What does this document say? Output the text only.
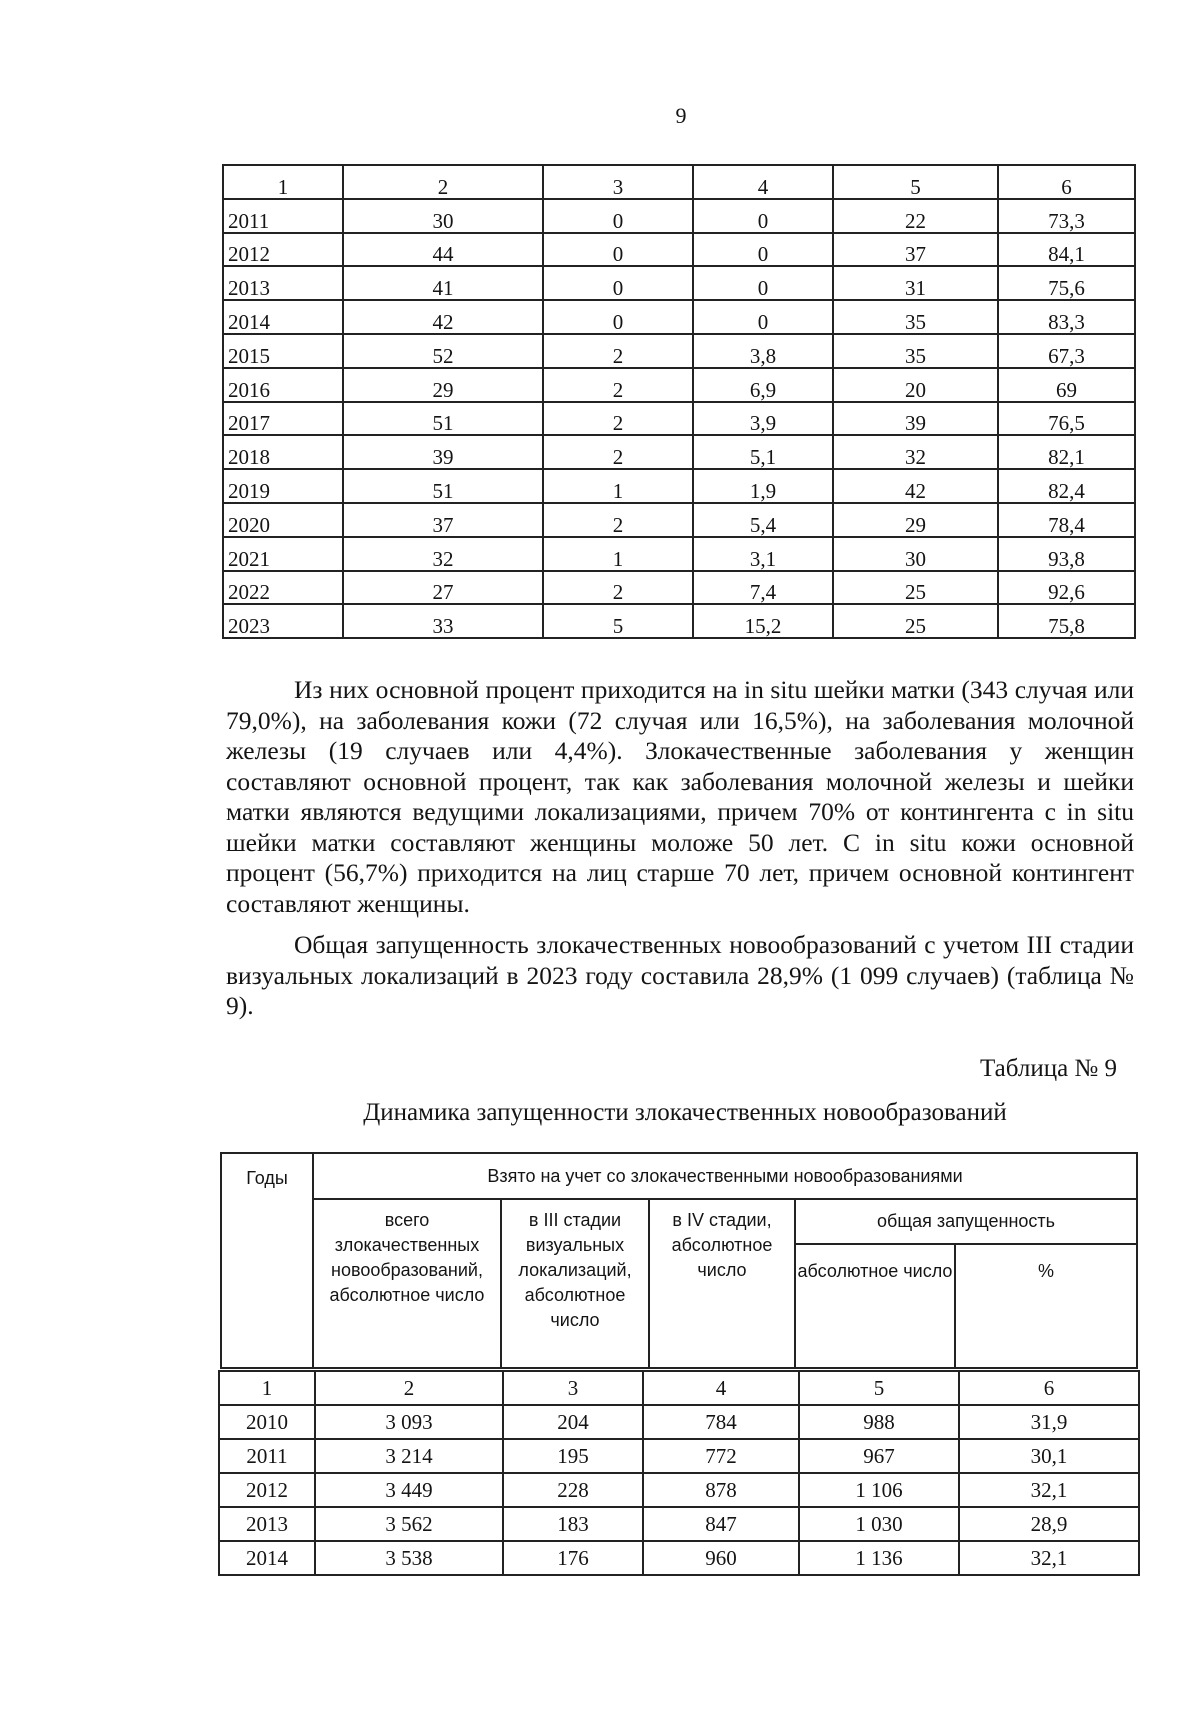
9
1	2	3	4	5	6
2011	30	0	0	22	73,3
2012	44	0	0	37	84,1
2013	41	0	0	31	75,6
2014	42	0	0	35	83,3
2015	52	2	3,8	35	67,3
2016	29	2	6,9	20	69
2017	51	2	3,9	39	76,5
2018	39	2	5,1	32	82,1
2019	51	1	1,9	42	82,4
2020	37	2	5,4	29	78,4
2021	32	1	3,1	30	93,8
2022	27	2	7,4	25	92,6
2023	33	5	15,2	25	75,8

Из них основной процент приходится на in situ шейки матки (343 случая или 79,0%), на заболевания кожи (72 случая или 16,5%), на заболевания молочной железы (19 случаев или 4,4%). Злокачественные заболевания у женщин составляют основной процент, так как заболевания молочной железы и шейки матки являются ведущими локализациями, причем 70% от контингента с in situ шейки матки составляют женщины моложе 50 лет. С in situ кожи основной процент (56,7%) приходится на лиц старше 70 лет, причем основной контингент составляют женщины.

Общая запущенность злокачественных новообразований с учетом III стадии визуальных локализаций в 2023 году составила 28,9% (1 099 случаев) (таблица № 9).

Таблица № 9
Динамика запущенности злокачественных новообразований
Годы	Взято на учет со злокачественными новообразованиями				
	всего злокачественных новообразований, абсолютное число	в III стадии визуальных локализаций, абсолютное число	в IV стадии, абсолютное число	общая запущенность	
				абсолютное число	%
1	2	3	4	5	6
2010	3 093	204	784	988	31,9
2011	3 214	195	772	967	30,1
2012	3 449	228	878	1 106	32,1
2013	3 562	183	847	1 030	28,9
2014	3 538	176	960	1 136	32,1
